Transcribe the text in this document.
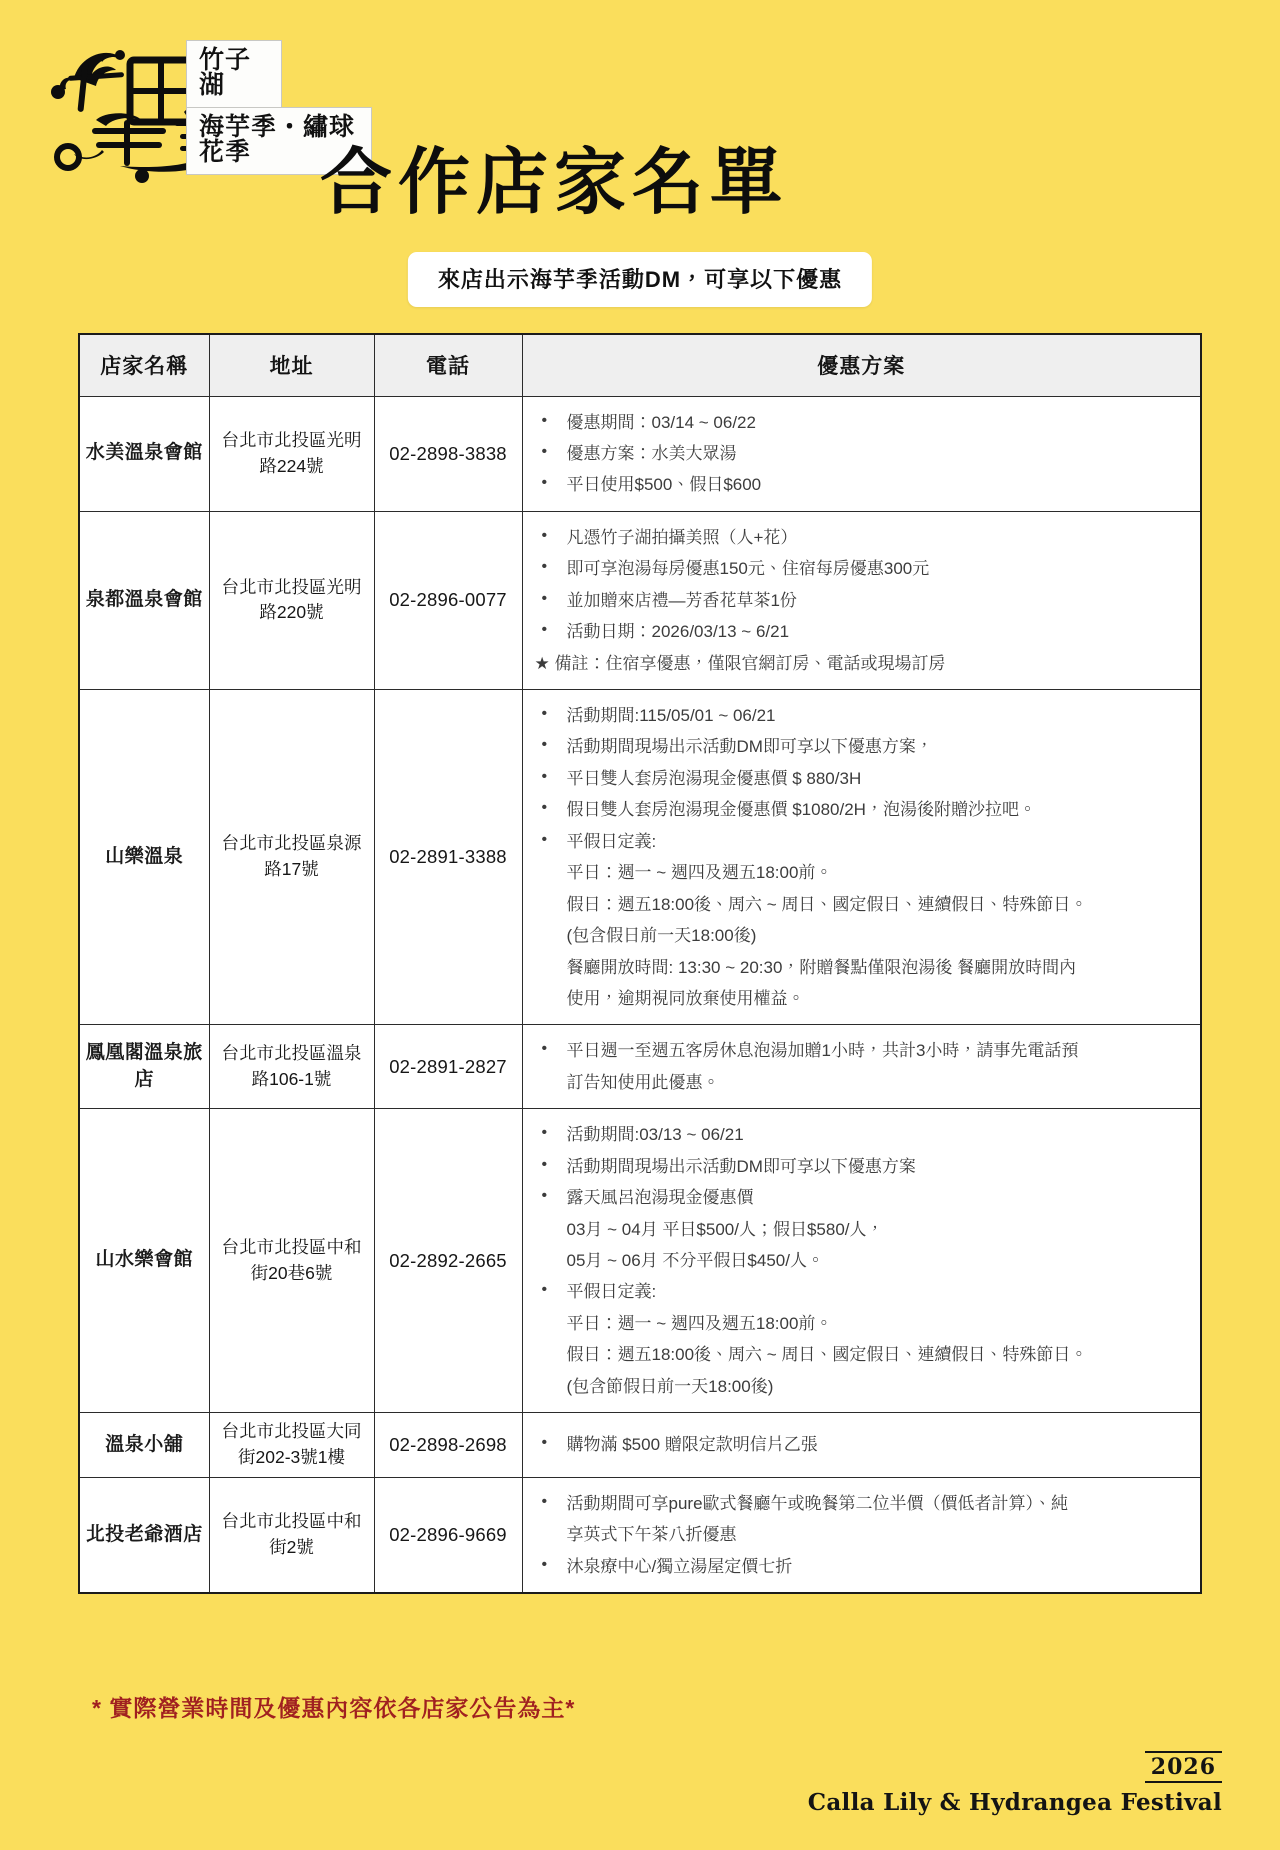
竹子湖
海芋季・繡球花季 合作店家名單
來店出示海芋季活動DM，可享以下優惠
店家名稱	地址	電話	優惠方案
水美溫泉會館	台北市北投區光明路224號	02-2898-3838	
• 優惠期間：03/14 ~ 06/22
• 優惠方案：水美大眾湯
• 平日使用$500、假日$600

泉都溫泉會館	台北市北投區光明路220號	02-2896-0077	
• 凡憑竹子湖拍攝美照（人+花）
• 即可享泡湯每房優惠150元、住宿每房優惠300元
• 並加贈來店禮—芳香花草茶1份
• 活動日期：2026/03/13 ~ 6/21
★ 備註：住宿享優惠，僅限官網訂房、電話或現場訂房

山樂溫泉	台北市北投區泉源路17號	02-2891-3388	
• 活動期間:115/05/01 ~ 06/21
• 活動期間現場出示活動DM即可享以下優惠方案，
• 平日雙人套房泡湯現金優惠價 $ 880/3H
• 假日雙人套房泡湯現金優惠價 $1080/2H，泡湯後附贈沙拉吧。
• 平假日定義:
平日：週一 ~ 週四及週五18:00前。
假日：週五18:00後、周六 ~ 周日、國定假日、連續假日、特殊節日。
(包含假日前一天18:00後)
餐廳開放時間: 13:30 ~ 20:30，附贈餐點僅限泡湯後 餐廳開放時間內
使用，逾期視同放棄使用權益。

鳳凰閣溫泉旅店	台北市北投區溫泉路106-1號	02-2891-2827	
• 平日週一至週五客房休息泡湯加贈1小時，共計3小時，請事先電話預
訂告知使用此優惠。

山水樂會館	台北市北投區中和街20巷6號	02-2892-2665	
• 活動期間:03/13 ~ 06/21
• 活動期間現場出示活動DM即可享以下優惠方案
• 露天風呂泡湯現金優惠價
03月 ~ 04月 平日$500/人；假日$580/人，
05月 ~ 06月 不分平假日$450/人。
• 平假日定義:
平日：週一 ~ 週四及週五18:00前。
假日：週五18:00後、周六 ~ 周日、國定假日、連續假日、特殊節日。
(包含節假日前一天18:00後)

溫泉小舖	台北市北投區大同街202-3號1樓	02-2898-2698	
•購物滿 $500 贈限定款明信片乙張

北投老爺酒店	台北市北投區中和街2號	02-2896-9669	
• 活動期間可享pure歐式餐廳午或晚餐第二位半價（價低者計算）、純
享英式下午茶八折優惠
• 沐泉療中心/獨立湯屋定價七折
* 實際營業時間及優惠內容依各店家公告為主*
2026
Calla Lily & Hydrangea Festival
